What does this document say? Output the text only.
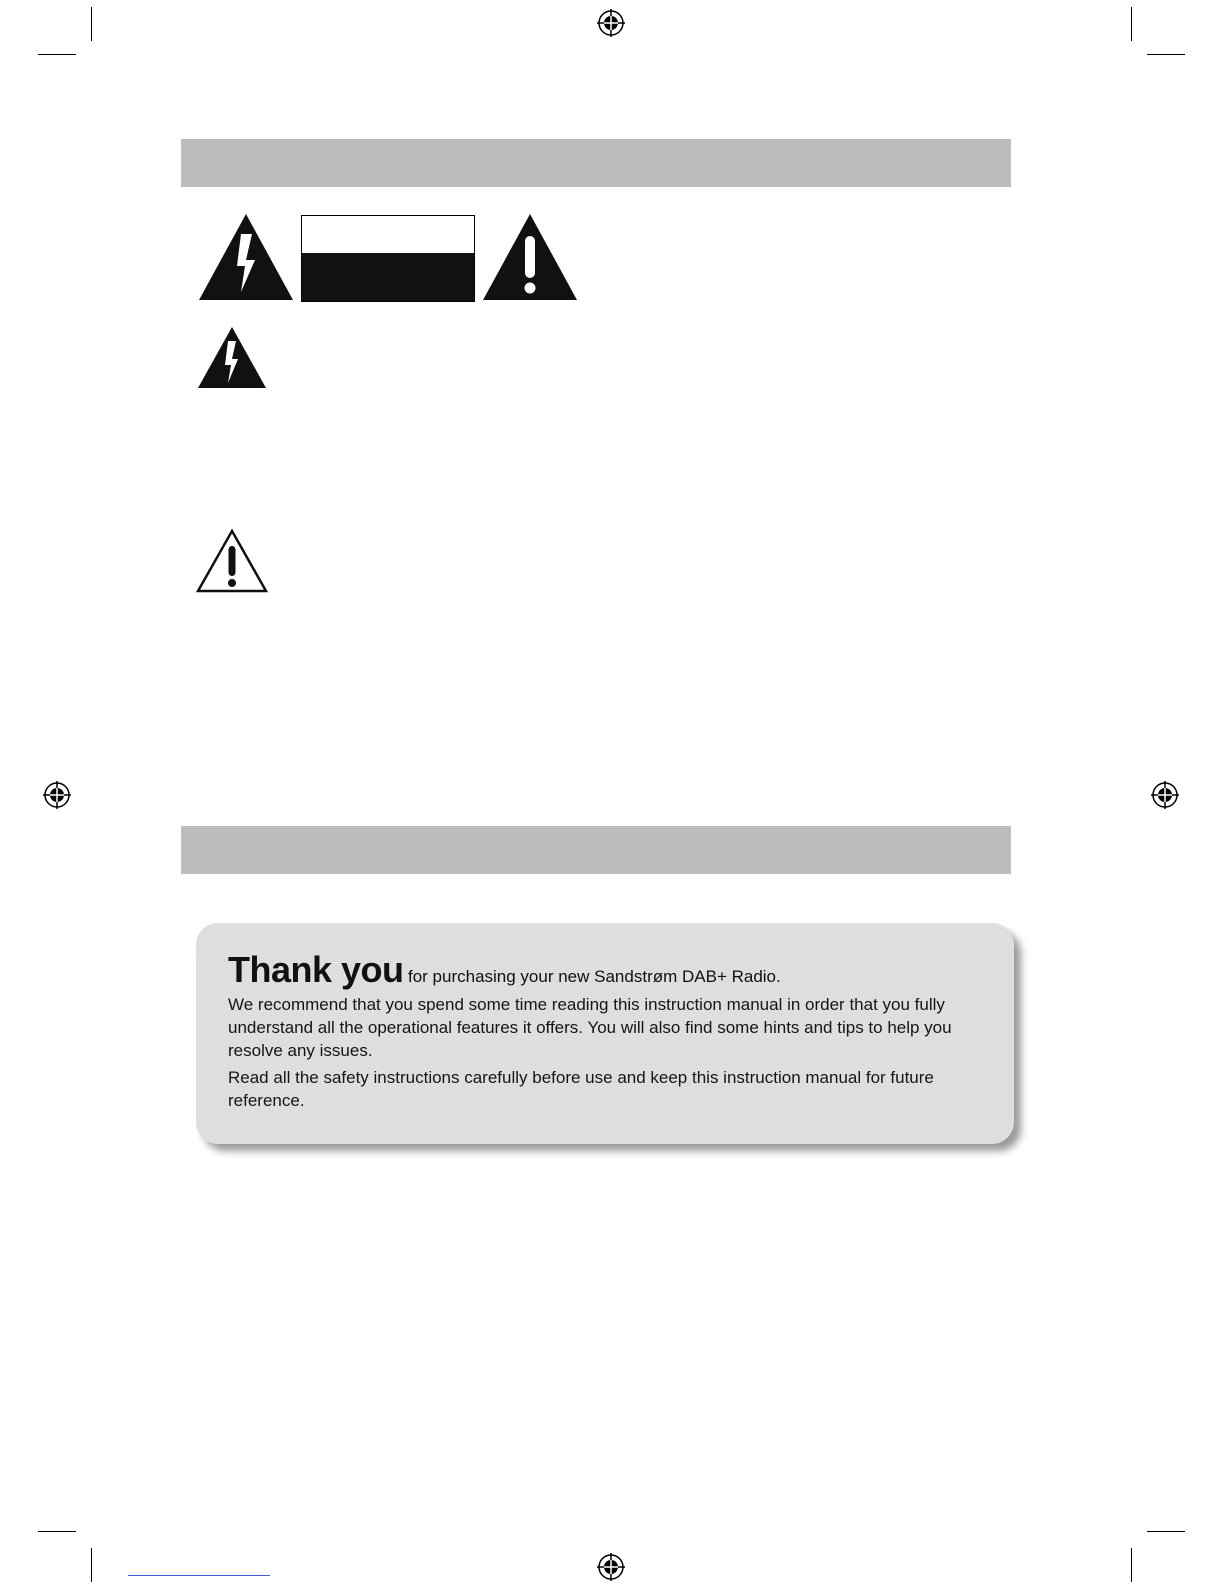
Thank you for purchasing your new Sandstrøm DAB+ Radio.

We recommend that you spend some time reading this instruction manual in order that you fully understand all the operational features it offers. You will also find some hints and tips to help you resolve any issues.

Read all the safety instructions carefully before use and keep this instruction manual for future reference.
